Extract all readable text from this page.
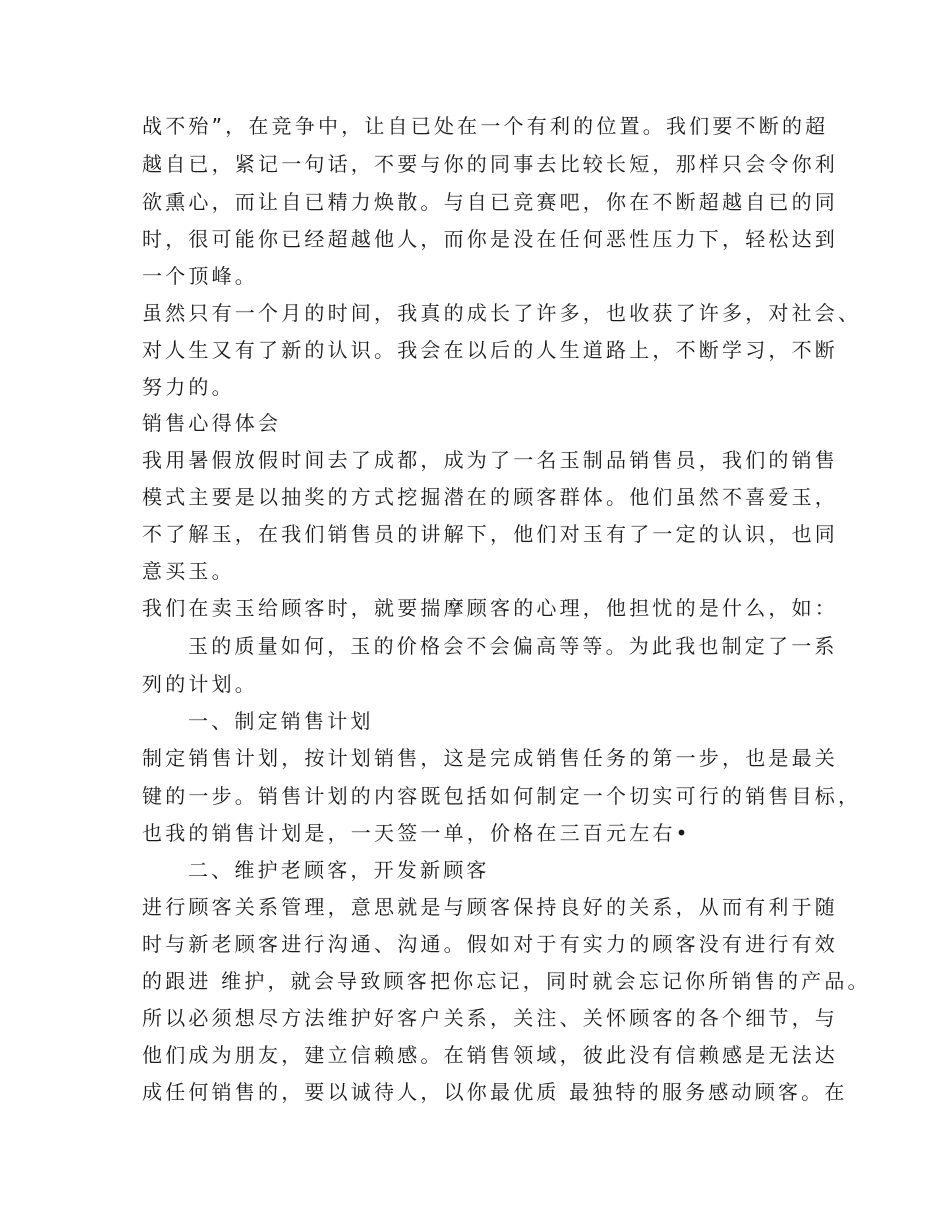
战不殆”，在竞争中，让自已处在一个有利的位置。我们要不断的超
越自已，紧记一句话，不要与你的同事去比较长短，那样只会令你利
欲熏心，而让自已精力焕散。与自已竞赛吧，你在不断超越自已的同
时，很可能你已经超越他人，而你是没在任何恶性压力下，轻松达到
一个顶峰。
虽然只有一个月的时间，我真的成长了许多，也收获了许多，对社会、
对人生又有了新的认识。我会在以后的人生道路上，不断学习，不断
努力的。
销售心得体会
我用暑假放假时间去了成都，成为了一名玉制品销售员，我们的销售
模式主要是以抽奖的方式挖掘潜在的顾客群体。他们虽然不喜爱玉，
不了解玉，在我们销售员的讲解下，他们对玉有了一定的认识，也同
意买玉。
我们在卖玉给顾客时，就要揣摩顾客的心理，他担忧的是什么，如：
玉的质量如何，玉的价格会不会偏高等等。为此我也制定了一系
列的计划。
一、制定销售计划
制定销售计划，按计划销售，这是完成销售任务的第一步，也是最关
键的一步。销售计划的内容既包括如何制定一个切实可行的销售目标，
也我的销售计划是，一天签一单，价格在三百元左右•
二、维护老顾客，开发新顾客
进行顾客关系管理，意思就是与顾客保持良好的关系，从而有利于随
时与新老顾客进行沟通、沟通。假如对于有实力的顾客没有进行有效
的跟进 维护，就会导致顾客把你忘记，同时就会忘记你所销售的产品。
所以必须想尽方法维护好客户关系，关注、关怀顾客的各个细节，与
他们成为朋友，建立信赖感。在销售领域，彼此没有信赖感是无法达
成任何销售的，要以诚待人，以你最优质 最独特的服务感动顾客。在
